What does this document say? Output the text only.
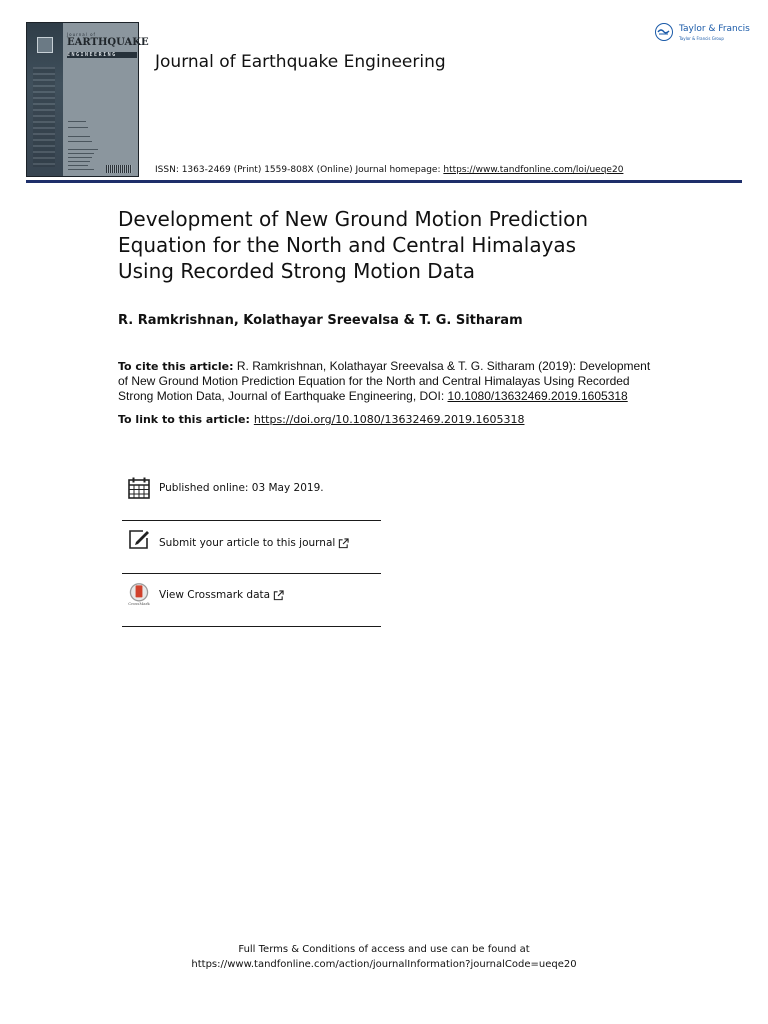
Journal of
EARTHQUAKE
ENGINEERING	Journal of Earthquake Engineering
ISSN: 1363-2469 (Print) 1559-808X (Online) Journal homepage: https://www.tandfonline.com/loi/ueqe20
Taylor & Francis
Taylor & Francis Group
Development of New Ground Motion Prediction
Equation for the North and Central Himalayas
Using Recorded Strong Motion Data
R. Ramkrishnan, Kolathayar Sreevalsa & T. G. Sitharam
To cite this article: R. Ramkrishnan, Kolathayar Sreevalsa & T. G. Sitharam (2019): Development
of New Ground Motion Prediction Equation for the North and Central Himalayas Using Recorded
Strong Motion Data, Journal of Earthquake Engineering, DOI: 10.1080/13632469.2019.1605318
To link to this article: https://doi.org/10.1080/13632469.2019.1605318
Published online: 03 May 2019.
Submit your article to this journal
CrossMark
View Crossmark data
Full Terms & Conditions of access and use can be found at
https://www.tandfonline.com/action/journalInformation?journalCode=ueqe20
